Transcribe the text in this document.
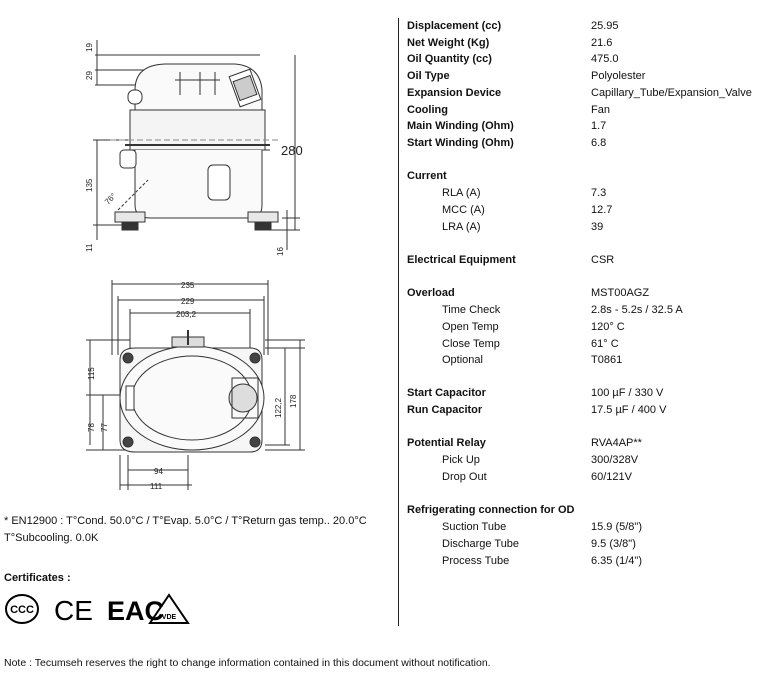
19
29
135
76°
11
280
16
235
229
203,2
115
78 77
122,2 178
94
111
Displacement (cc)	25.95
Net Weight (Kg)	21.6
Oil Quantity (cc)	475.0
Oil Type	Polyolester
Expansion Device	Capillary_Tube/Expansion_Valve
Cooling	Fan
Main Winding (Ohm)	1.7
Start Winding (Ohm)	6.8
Current
RLA (A)	7.3
MCC (A)	12.7
LRA (A)	39
Electrical Equipment	CSR
Overload	MST00AGZ
Time Check	2.8s - 5.2s / 32.5 A
Open Temp	120° C
Close Temp	61° C
Optional	T0861
Start Capacitor	100 µF / 330 V
Run Capacitor	17.5 µF / 400 V
Potential Relay	RVA4AP**
Pick Up	300/328V
Drop Out	60/121V
Refrigerating connection for OD
Suction Tube	15.9 (5/8")
Discharge Tube	9.5 (3/8")
Process Tube	6.35 (1/4")
* EN12900 : T°Cond. 50.0°C / T°Evap. 5.0°C / T°Return gas temp.. 20.0°C T°Subcooling. 0.0K
Certificates :
CCC CE EAC
VDE
Note : Tecumseh reserves the right to change information contained in this document without notification.
